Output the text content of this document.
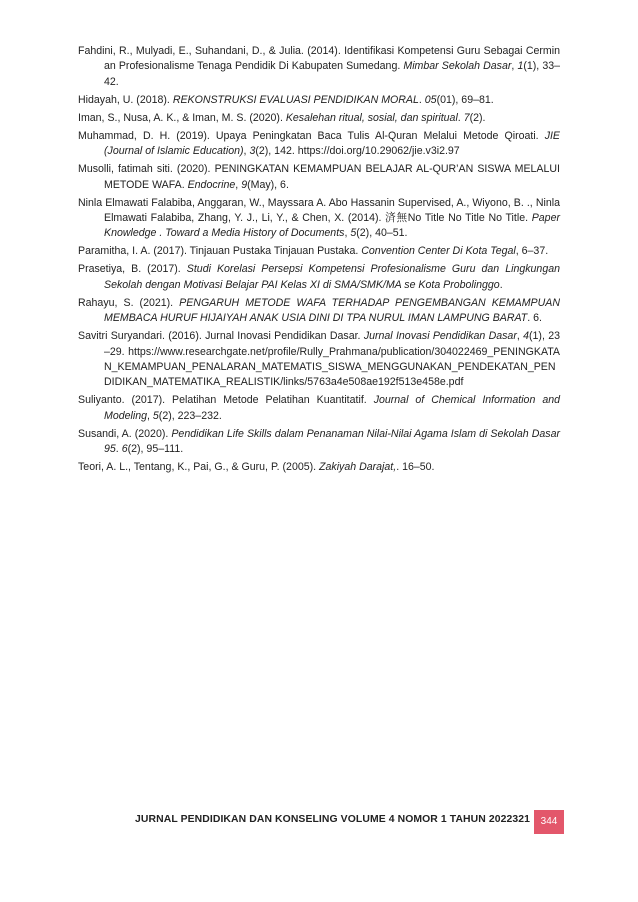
Fahdini, R., Mulyadi, E., Suhandani, D., & Julia. (2014). Identifikasi Kompetensi Guru Sebagai Cerminan Profesionalisme Tenaga Pendidik Di Kabupaten Sumedang. Mimbar Sekolah Dasar, 1(1), 33–42.

Hidayah, U. (2018). REKONSTRUKSI EVALUASI PENDIDIKAN MORAL. 05(01), 69–81.

Iman, S., Nusa, A. K., & Iman, M. S. (2020). Kesalehan ritual, sosial, dan spiritual. 7(2).

Muhammad, D. H. (2019). Upaya Peningkatan Baca Tulis Al-Quran Melalui Metode Qiroati. JIE (Journal of Islamic Education), 3(2), 142. https://doi.org/10.29062/jie.v3i2.97

Musolli, fatimah siti. (2020). PENINGKATAN KEMAMPUAN BELAJAR AL-QUR’AN SISWA MELALUI METODE WAFA. Endocrine, 9(May), 6.

Ninla Elmawati Falabiba, Anggaran, W., Mayssara A. Abo Hassanin Supervised, A., Wiyono, B. ., Ninla Elmawati Falabiba, Zhang, Y. J., Li, Y., & Chen, X. (2014). 済無No Title No Title No Title. Paper Knowledge . Toward a Media History of Documents, 5(2), 40–51.

Paramitha, I. A. (2017). Tinjauan Pustaka Tinjauan Pustaka. Convention Center Di Kota Tegal, 6–37.

Prasetiya, B. (2017). Studi Korelasi Persepsi Kompetensi Profesionalisme Guru dan Lingkungan Sekolah dengan Motivasi Belajar PAI Kelas XI di SMA/SMK/MA se Kota Probolinggo.

Rahayu, S. (2021). PENGARUH METODE WAFA TERHADAP PENGEMBANGAN KEMAMPUAN MEMBACA HURUF HIJAIYAH ANAK USIA DINI DI TPA NURUL IMAN LAMPUNG BARAT. 6.

Savitri Suryandari. (2016). Jurnal Inovasi Pendidikan Dasar. Jurnal Inovasi Pendidikan Dasar, 4(1), 23–29. https://www.researchgate.net/profile/Rully_Prahmana/publication/304022469_PENINGKATAN_KEMAMPUAN_PENALARAN_MATEMATIS_SISWA_MENGGUNAKAN_PENDEKATAN_PENDIDIKAN_MATEMATIKA_REALISTIK/links/5763a4e508ae192f513e458e.pdf

Suliyanto. (2017). Pelatihan Metode Pelatihan Kuantitatif. Journal of Chemical Information and Modeling, 5(2), 223–232.

Susandi, A. (2020). Pendidikan Life Skills dalam Penanaman Nilai-Nilai Agama Islam di Sekolah Dasar 95. 6(2), 95–111.

Teori, A. L., Tentang, K., Pai, G., & Guru, P. (2005). Zakiyah Darajat,. 16–50.

JURNAL PENDIDIKAN DAN KONSELING VOLUME 4 NOMOR 1 TAHUN 2022321	344
